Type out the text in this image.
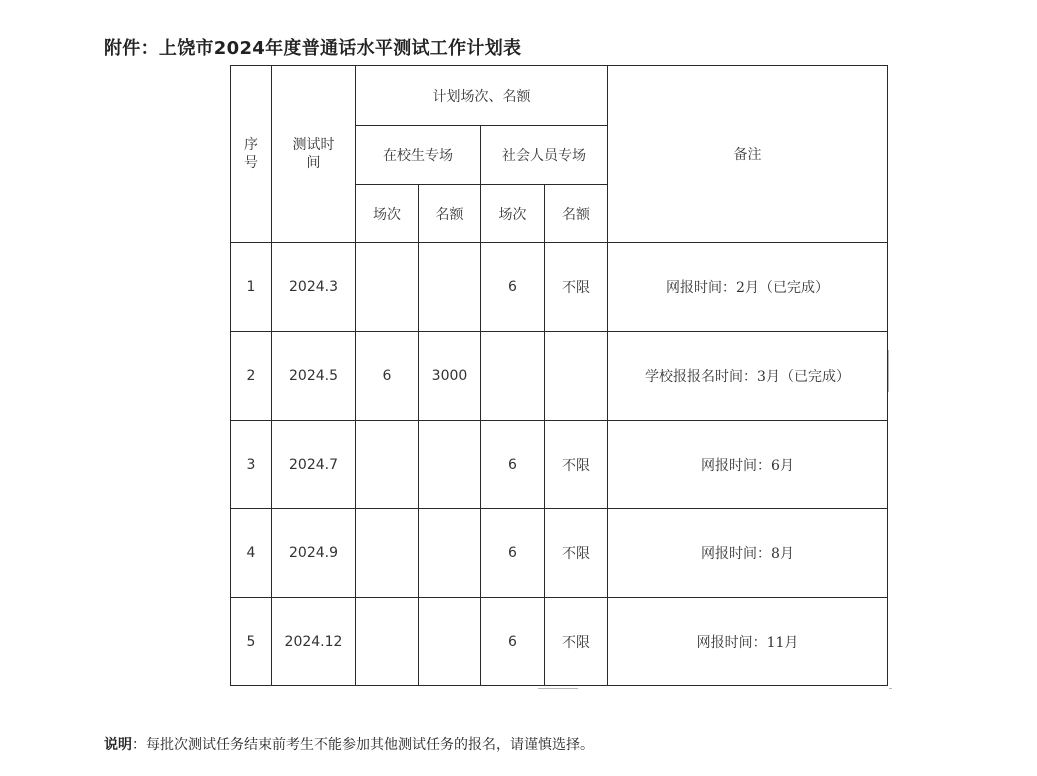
附件：上饶市2024年度普通话水平测试工作计划表
序号	测试时间	计划场次、名额				备注
		在校生专场		社会人员专场		
		场次	名额	场次	名额	
1	2024.3			6	不限	网报时间：2月（已完成）
2	2024.5	6	3000			学校报报名时间：3月（已完成）
3	2024.7			6	不限	网报时间：6月
4	2024.9			6	不限	网报时间：8月
5	2024.12			6	不限	网报时间：11月
说明：每批次测试任务结束前考生不能参加其他测试任务的报名，请谨慎选择。
